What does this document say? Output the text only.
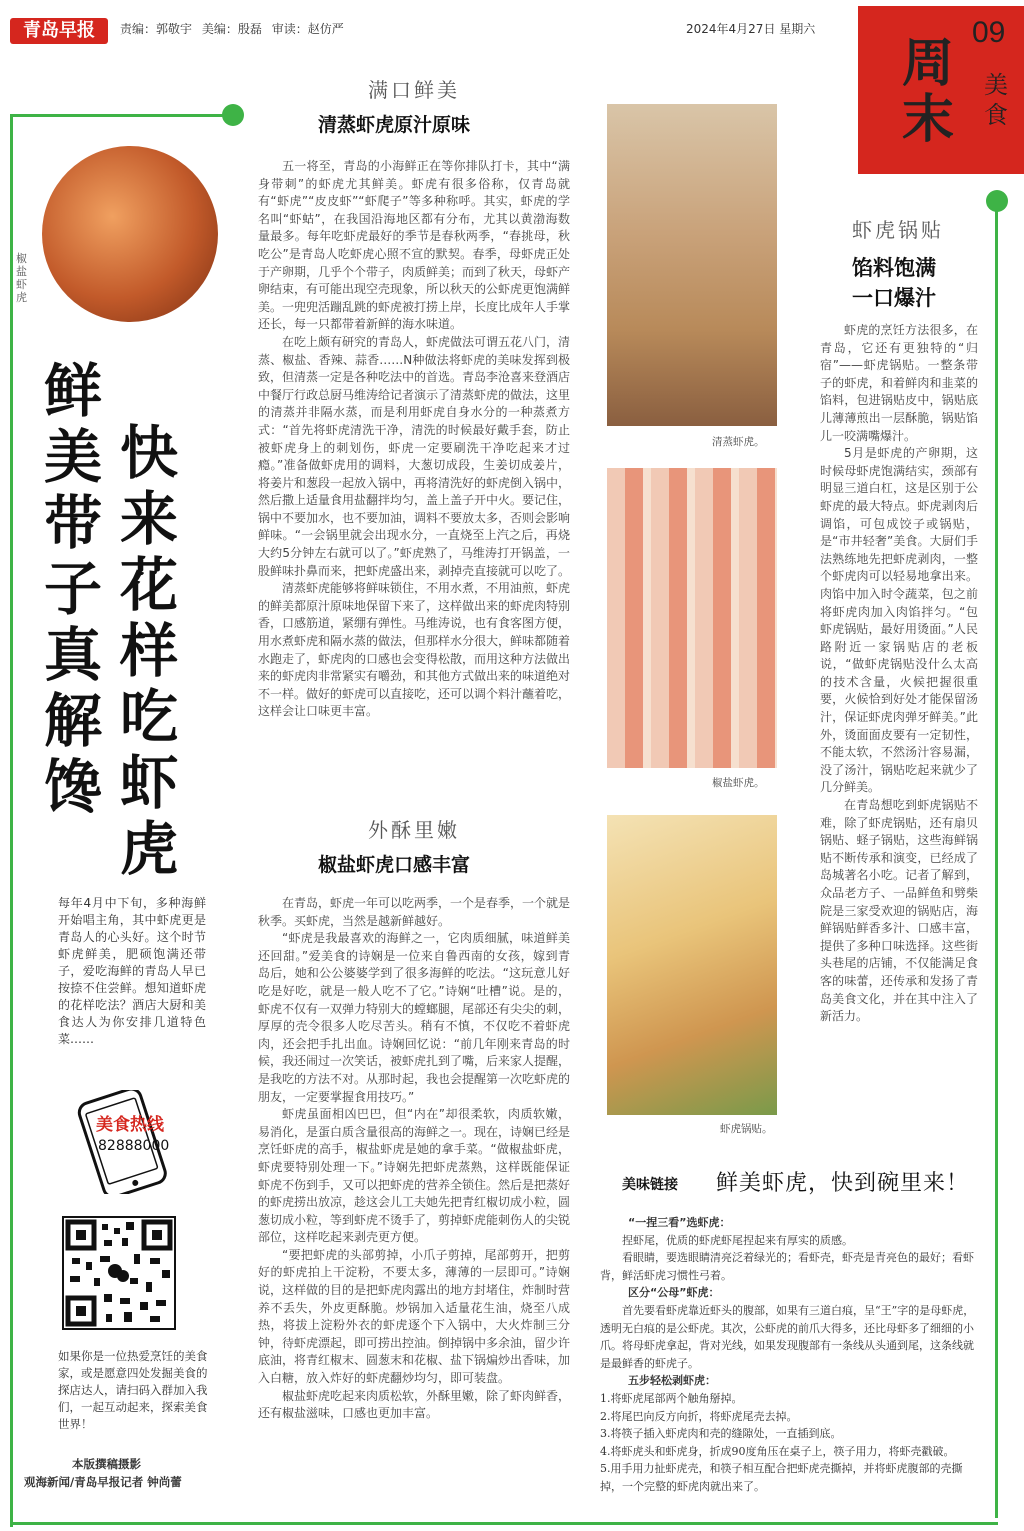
青岛早报	责编：郭敬宇 美编：殷磊 审读：赵仿严	2024年4月27日 星期六
周末
09
美食
椒盐虾虎
快来花样吃虾虎
鲜美带子真解馋
每年4月中下旬，多种海鲜开始唱主角，其中虾虎更是青岛人的心头好。这个时节虾虎鲜美，肥硕饱满还带子，爱吃海鲜的青岛人早已按捺不住尝鲜。想知道虾虎的花样吃法？酒店大厨和美食达人为你安排几道特色菜……
美食热线
82888000
如果你是一位热爱烹饪的美食家，或是愿意四处发掘美食的探店达人，请扫码入群加入我们，一起互动起来，探索美食世界！
本版撰稿摄影
观海新闻/青岛早报记者 钟尚蕾
满口鲜美
清蒸虾虎原汁原味

五一将至，青岛的小海鲜正在等你排队打卡，其中“满身带刺”的虾虎尤其鲜美。虾虎有很多俗称，仅青岛就有“虾虎”“皮皮虾”“虾爬子”等多种称呼。其实，虾虎的学名叫“虾蛄”，在我国沿海地区都有分布，尤其以黄渤海数量最多。每年吃虾虎最好的季节是春秋两季，“春挑母，秋吃公”是青岛人吃虾虎心照不宣的默契。春季，母虾虎正处于产卵期，几乎个个带子，肉质鲜美；而到了秋天，母虾产卵结束，有可能出现空壳现象，所以秋天的公虾虎更饱满鲜美。一兜兜活蹦乱跳的虾虎被打捞上岸，长度比成年人手掌还长，每一只都带着新鲜的海水味道。

在吃上颇有研究的青岛人，虾虎做法可谓五花八门，清蒸、椒盐、香辣、蒜香……N种做法将虾虎的美味发挥到极致，但清蒸一定是各种吃法中的首选。青岛李沧喜来登酒店中餐厅行政总厨马维涛给记者演示了清蒸虾虎的做法，这里的清蒸并非隔水蒸，而是利用虾虎自身水分的一种蒸煮方式：“首先将虾虎清洗干净，清洗的时候最好戴手套，防止被虾虎身上的刺划伤，虾虎一定要刷洗干净吃起来才过瘾。”准备做虾虎用的调料，大葱切成段，生姜切成姜片，将姜片和葱段一起放入锅中，再将清洗好的虾虎倒入锅中，然后撒上适量食用盐翻拌均匀，盖上盖子开中火。要记住，锅中不要加水，也不要加油，调料不要放太多，否则会影响鲜味。“一会锅里就会出现水分，一直烧至上汽之后，再烧大约5分钟左右就可以了。”虾虎熟了，马维涛打开锅盖，一股鲜味扑鼻而来，把虾虎盛出来，剥掉壳直接就可以吃了。

清蒸虾虎能够将鲜味锁住，不用水煮，不用油煎，虾虎的鲜美都原汁原味地保留下来了，这样做出来的虾虎肉特别香，口感筋道，紧绷有弹性。马维涛说，也有食客图方便，用水煮虾虎和隔水蒸的做法，但那样水分很大，鲜味都随着水跑走了，虾虎肉的口感也会变得松散，而用这种方法做出来的虾虎肉非常紧实有嚼劲，和其他方式做出来的味道绝对不一样。做好的虾虎可以直接吃，还可以调个料汁蘸着吃，这样会让口味更丰富。

外酥里嫩
椒盐虾虎口感丰富

在青岛，虾虎一年可以吃两季，一个是春季，一个就是秋季。买虾虎，当然是越新鲜越好。

“虾虎是我最喜欢的海鲜之一，它肉质细腻，味道鲜美还回甜。”爱美食的诗娴是一位来自鲁西南的女孩，嫁到青岛后，她和公公婆婆学到了很多海鲜的吃法。“这玩意儿好吃是好吃，就是一般人吃不了它。”诗娴“吐槽”说。是的，虾虎不仅有一双弹力特别大的螳螂腿，尾部还有尖尖的刺，厚厚的壳令很多人吃尽苦头。稍有不慎，不仅吃不着虾虎肉，还会把手扎出血。诗娴回忆说：“前几年刚来青岛的时候，我还闹过一次笑话，被虾虎扎到了嘴，后来家人提醒，是我吃的方法不对。从那时起，我也会提醒第一次吃虾虎的朋友，一定要掌握食用技巧。”

虾虎虽面相凶巴巴，但“内在”却很柔软，肉质软嫩，易消化，是蛋白质含量很高的海鲜之一。现在，诗娴已经是烹饪虾虎的高手，椒盐虾虎是她的拿手菜。“做椒盐虾虎，虾虎要特别处理一下。”诗娴先把虾虎蒸熟，这样既能保证虾虎不伤到手，又可以把虾虎的营养全锁住。然后是把蒸好的虾虎捞出放凉，趁这会儿工夫她先把青红椒切成小粒，圆葱切成小粒，等到虾虎不烫手了，剪掉虾虎能刺伤人的尖锐部位，这样吃起来剥壳更方便。

“要把虾虎的头部剪掉，小爪子剪掉，尾部剪开，把剪好的虾虎拍上干淀粉，不要太多，薄薄的一层即可。”诗娴说，这样做的目的是把虾虎肉露出的地方封堵住，炸制时营养不丢失，外皮更酥脆。炒锅加入适量花生油，烧至八成热，将拔上淀粉外衣的虾虎逐个下入锅中，大火炸制三分钟，待虾虎漂起，即可捞出控油。倒掉锅中多余油，留少许底油，将青红椒末、圆葱末和花椒、盐下锅煸炒出香味，加入白糖，放入炸好的虾虎翻炒均匀，即可装盘。

椒盐虾虎吃起来肉质松软，外酥里嫩，除了虾肉鲜香，还有椒盐滋味，口感也更加丰富。

清蒸虾虎。
椒盐虾虎。
虾虎锅贴。
虾虎锅贴
馅料饱满
一口爆汁

虾虎的烹饪方法很多，在青岛，它还有更独特的“归宿”——虾虎锅贴。一整条带子的虾虎，和着鲜肉和韭菜的馅料，包进锅贴皮中，锅贴底儿薄薄煎出一层酥脆，锅贴馅儿一咬满嘴爆汁。

5月是虾虎的产卵期，这时候母虾虎饱满结实，颈部有明显三道白杠，这是区别于公虾虎的最大特点。虾虎剥肉后调馅，可包成饺子或锅贴，是“市井轻奢”美食。大厨们手法熟练地先把虾虎剥肉，一整个虾虎肉可以轻易地拿出来。肉馅中加入时令蔬菜，包之前将虾虎肉加入肉馅拌匀。“包虾虎锅贴，最好用烫面。”人民路附近一家锅贴店的老板说，“做虾虎锅贴没什么太高的技术含量，火候把握很重要，火候恰到好处才能保留汤汁，保证虾虎肉弹牙鲜美。”此外，烫面面皮要有一定韧性，不能太软，不然汤汁容易漏，没了汤汁，锅贴吃起来就少了几分鲜美。

在青岛想吃到虾虎锅贴不难，除了虾虎锅贴，还有扇贝锅贴、蛏子锅贴，这些海鲜锅贴不断传承和演变，已经成了岛城著名小吃。记者了解到，众品老方子、一品鲜鱼和劈柴院是三家受欢迎的锅贴店，海鲜锅贴鲜香多汁、口感丰富，提供了多种口味选择。这些街头巷尾的店铺，不仅能满足食客的味蕾，还传承和发扬了青岛美食文化，并在其中注入了新活力。

美味链接 鲜美虾虎，快到碗里来！
“一捏三看”选虾虎：
捏虾尾，优质的虾虎虾尾捏起来有厚实的质感。
看眼睛，要选眼睛清亮泛着绿光的；看虾壳，虾壳是青亮色的最好；看虾背，鲜活虾虎习惯性弓着。
区分“公母”虾虎：
首先要看虾虎靠近虾头的腹部，如果有三道白痕，呈“王”字的是母虾虎，透明无白痕的是公虾虎。其次，公虾虎的前爪大得多，还比母虾多了细细的小爪。将母虾虎拿起，背对光线，如果发现腹部有一条线从头通到尾，这条线就是最鲜香的虾虎子。
五步轻松剥虾虎：
1.将虾虎尾部两个触角掰掉。
2.将尾巴向反方向折，将虾虎尾壳去掉。
3.将筷子插入虾虎肉和壳的缝隙处，一直插到底。
4.将虾虎头和虾虎身，折成90度角压在桌子上，筷子用力，将虾壳戳破。
5.用手用力扯虾虎壳，和筷子相互配合把虾虎壳撕掉，并将虾虎腹部的壳撕掉，一个完整的虾虎肉就出来了。
